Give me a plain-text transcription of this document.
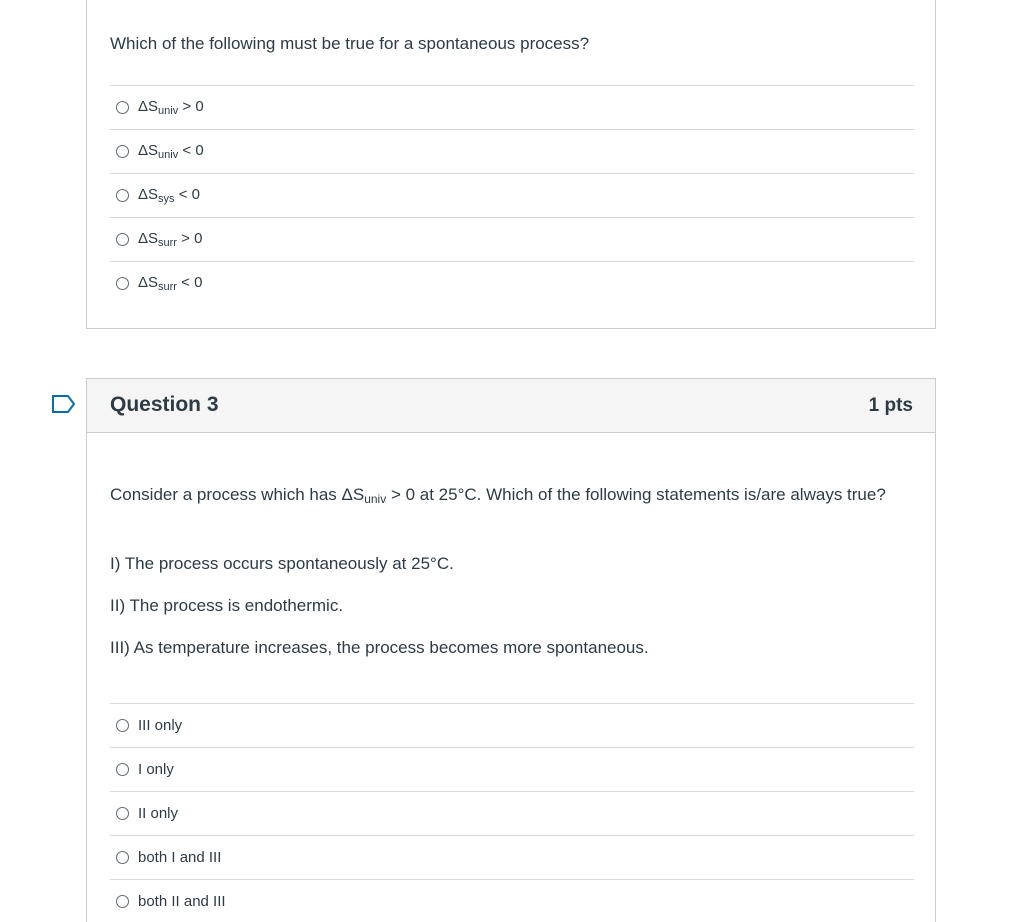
Which of the following must be true for a spontaneous process?
$\Delta S_{univ} > 0$
$\Delta S_{univ} < 0$
$\Delta S_{sys} < 0$
$\Delta S_{surr} > 0$
$\Delta S_{surr} < 0$
Question 3	1 pts
Consider a process which has $\Delta S_{univ} > 0$ at 25°C. Which of the following statements is/are always true?
I) The process occurs spontaneously at 25°C.
II) The process is endothermic.
III) As temperature increases, the process becomes more spontaneous.
III only
I only
II only
both I and III
both II and III
